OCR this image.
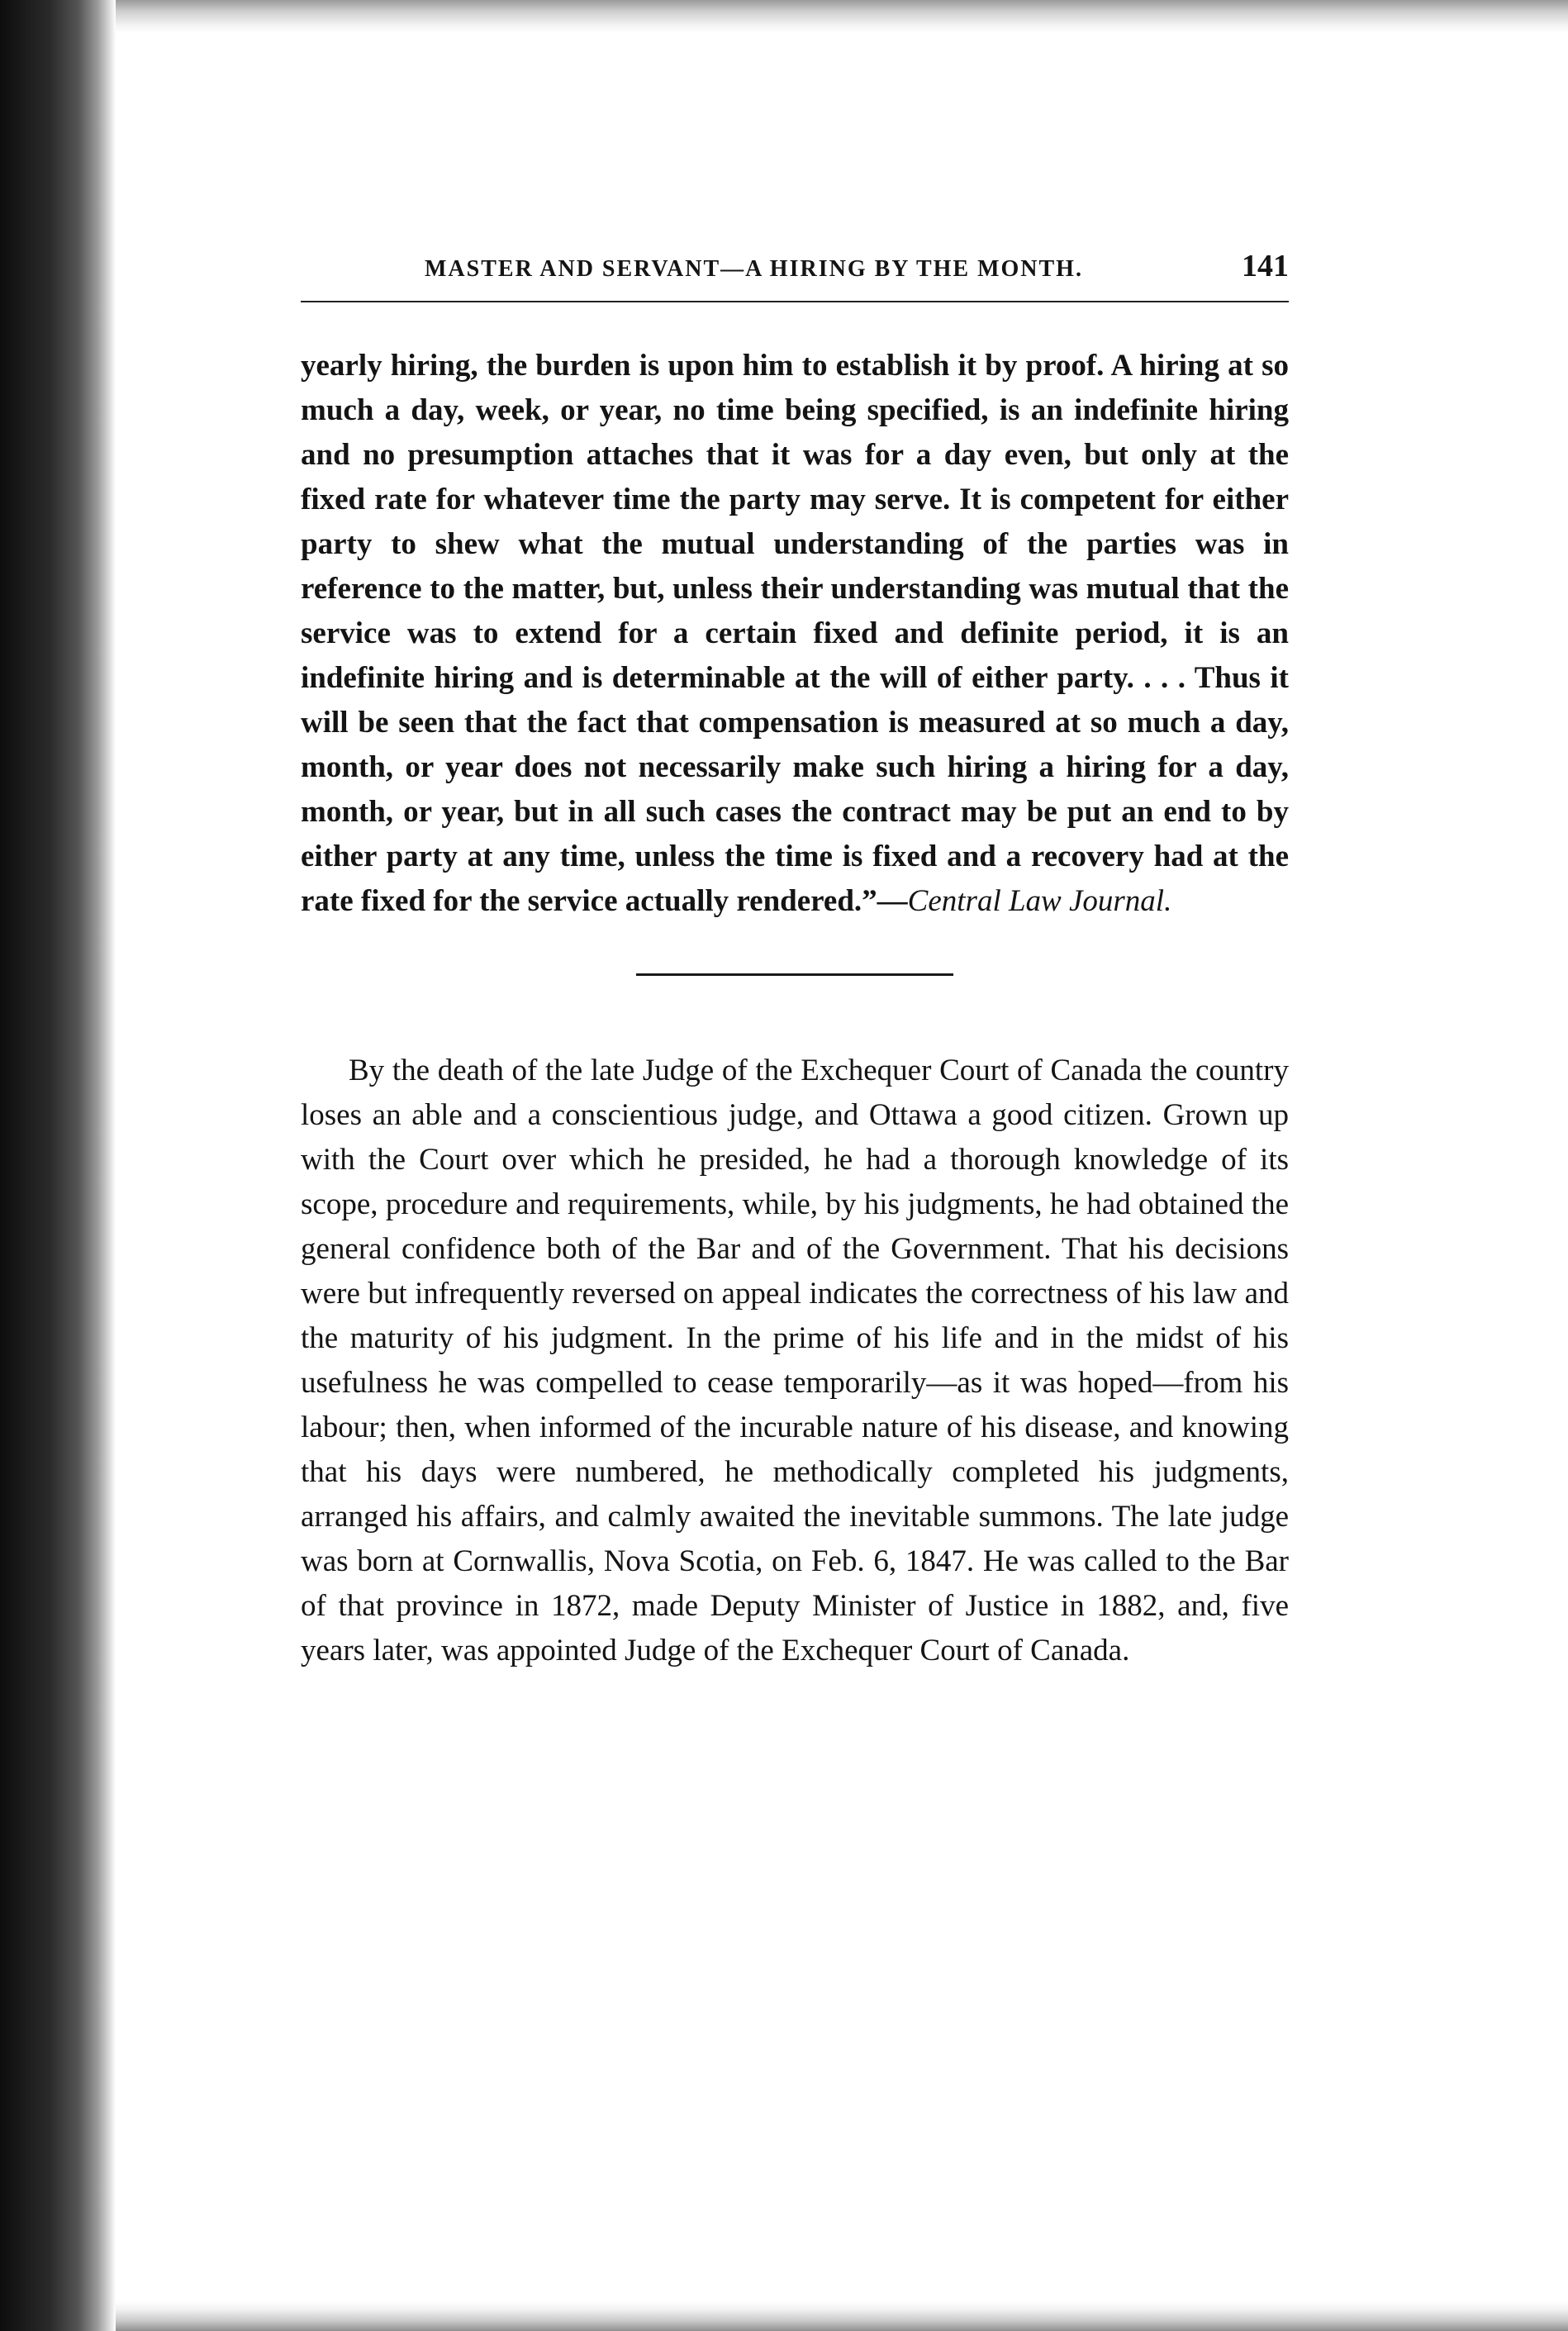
MASTER AND SERVANT—A HIRING BY THE MONTH.	141

yearly hiring, the burden is upon him to establish it by proof. A hiring at so much a day, week, or year, no time being specified, is an indefinite hiring and no presumption attaches that it was for a day even, but only at the fixed rate for whatever time the party may serve. It is competent for either party to shew what the mutual understanding of the parties was in reference to the matter, but, unless their understanding was mutual that the service was to extend for a certain fixed and definite period, it is an indefinite hiring and is determinable at the will of either party. . . . Thus it will be seen that the fact that compensation is measured at so much a day, month, or year does not necessarily make such hiring a hiring for a day, month, or year, but in all such cases the contract may be put an end to by either party at any time, unless the time is fixed and a recovery had at the rate fixed for the service actually rendered.”—Central Law Journal.

By the death of the late Judge of the Exchequer Court of Canada the country loses an able and a conscientious judge, and Ottawa a good citizen. Grown up with the Court over which he presided, he had a thorough knowledge of its scope, procedure and requirements, while, by his judgments, he had obtained the general confidence both of the Bar and of the Government. That his decisions were but infrequently reversed on appeal indicates the correctness of his law and the maturity of his judgment. In the prime of his life and in the midst of his usefulness he was compelled to cease temporarily—as it was hoped—from his labour; then, when informed of the incurable nature of his disease, and knowing that his days were numbered, he methodically completed his judgments, arranged his affairs, and calmly awaited the inevitable summons. The late judge was born at Cornwallis, Nova Scotia, on Feb. 6, 1847. He was called to the Bar of that province in 1872, made Deputy Minister of Justice in 1882, and, five years later, was appointed Judge of the Exchequer Court of Canada.
